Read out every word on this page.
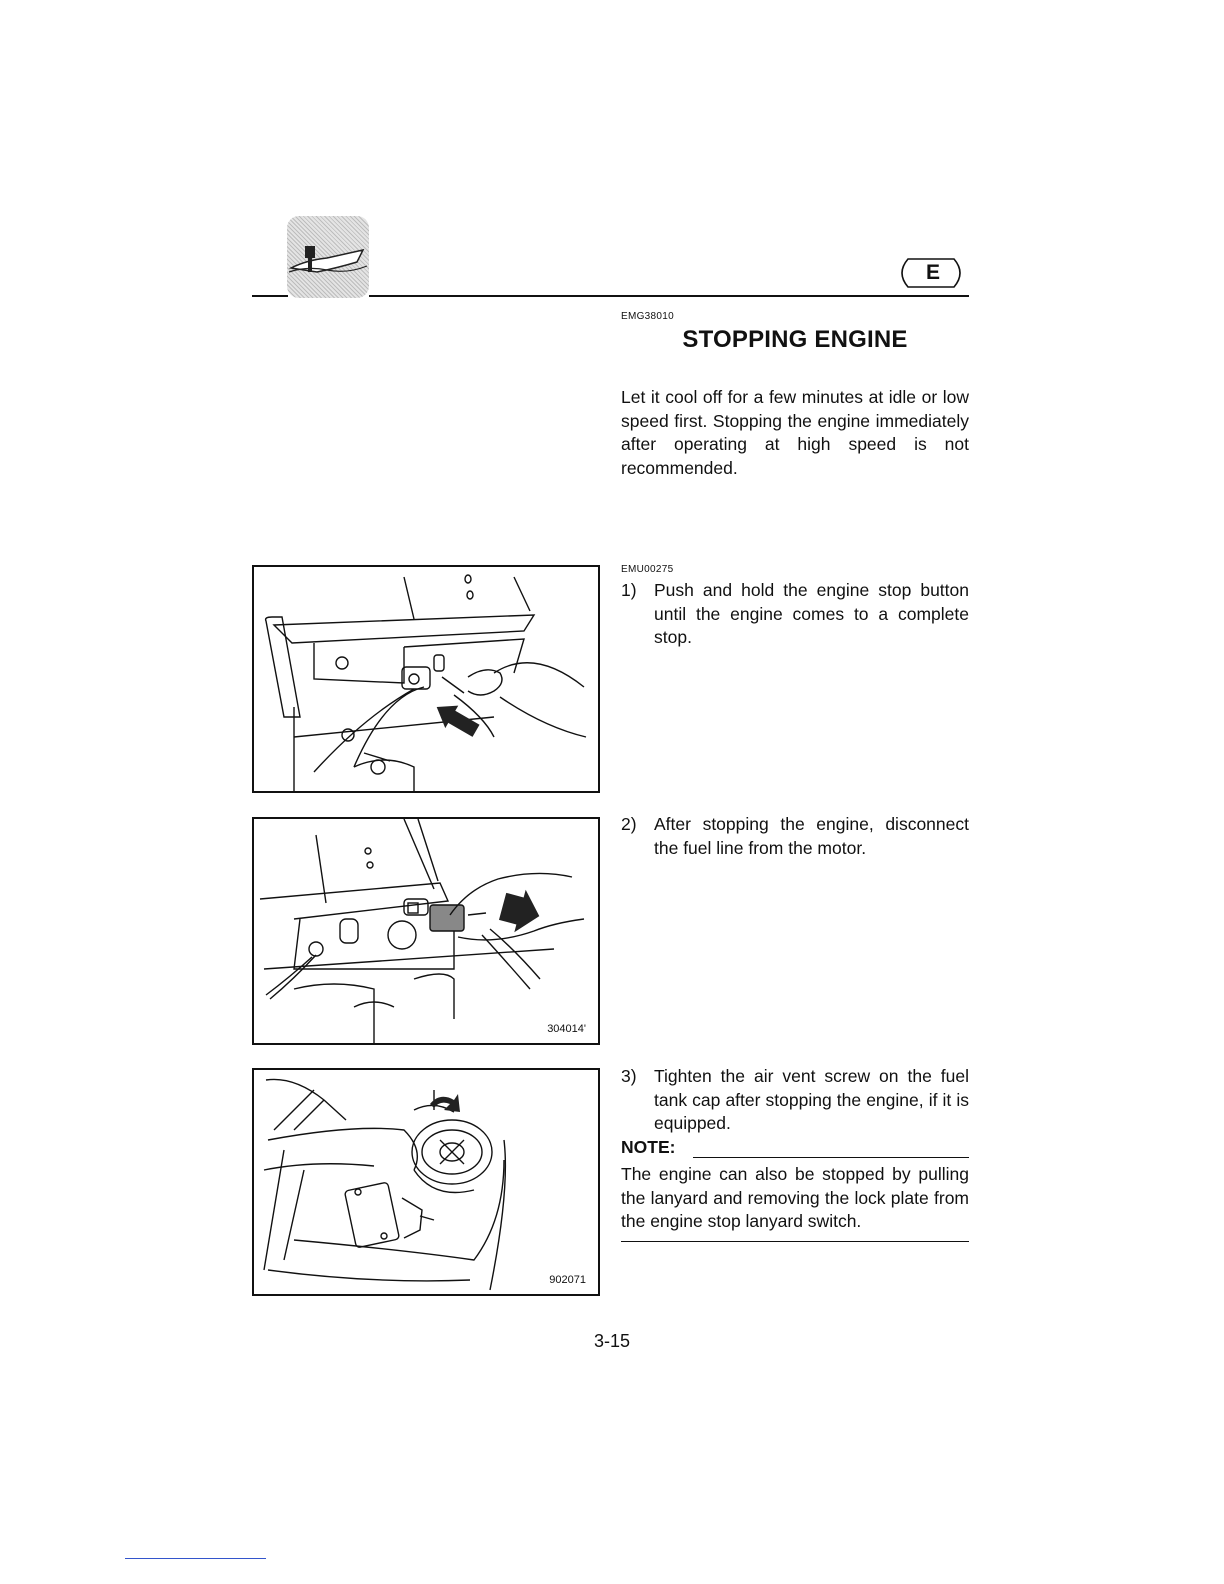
E
EMG38010
STOPPING ENGINE
Let it cool off for a few minutes at idle or low speed first. Stopping the engine immediately after operating at high speed is not recommended.
EMU00275
1) Push and hold the engine stop button until the engine comes to a complete stop.
2) After stopping the engine, disconnect the fuel line from the motor.
3) Tighten the air vent screw on the fuel tank cap after stopping the engine, if it is equipped.
NOTE:
The engine can also be stopped by pulling the lanyard and removing the lock plate from the engine stop lanyard switch.
304014'
902071
3-15
